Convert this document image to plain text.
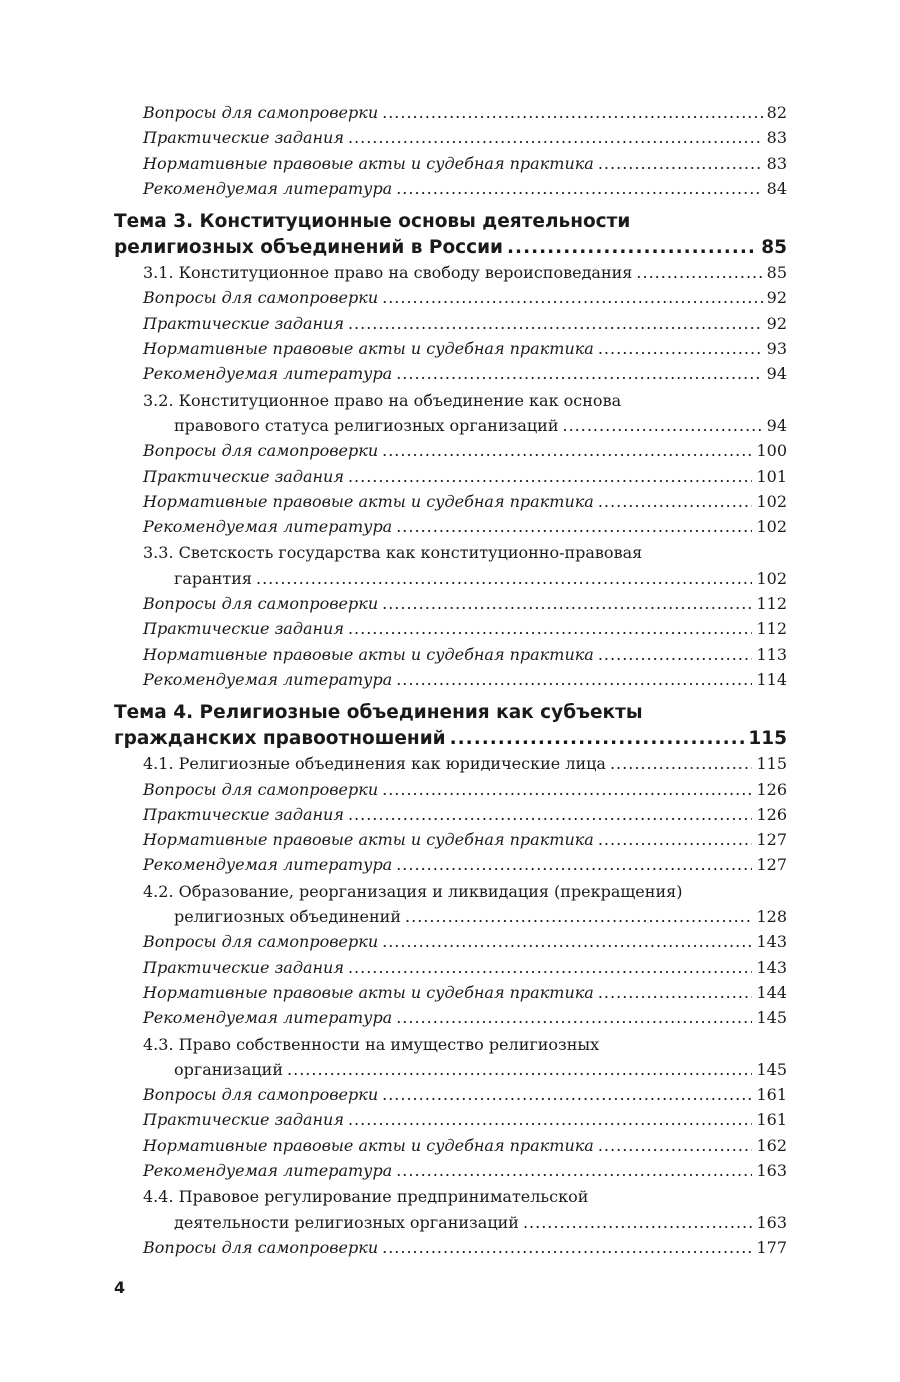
Вопросы для самопроверки .....	82
Практические задания .....	83
Нормативные правовые акты и судебная практика .....	83
Рекомендуемая литература .....	84
Тема 3. Конституционные основы деятельности
религиозных объединений в России .....	85
3.1. Конституционное право на свободу вероисповедания .....	85
Вопросы для самопроверки .....	92
Практические задания .....	92
Нормативные правовые акты и судебная практика .....	93
Рекомендуемая литература .....	94
3.2. Конституционное право на объединение как основа
правового статуса религиозных организаций .....	94
Вопросы для самопроверки .....	100
Практические задания .....	101
Нормативные правовые акты и судебная практика .....	102
Рекомендуемая литература .....	102
3.3. Светскость государства как конституционно-правовая
гарантия .....	102
Вопросы для самопроверки .....	112
Практические задания .....	112
Нормативные правовые акты и судебная практика .....	113
Рекомендуемая литература .....	114
Тема 4. Религиозные объединения как субъекты
гражданских правоотношений .....	115
4.1. Религиозные объединения как юридические лица .....	115
Вопросы для самопроверки .....	126
Практические задания .....	126
Нормативные правовые акты и судебная практика .....	127
Рекомендуемая литература .....	127
4.2. Образование, реорганизация и ликвидация (прекращения)
религиозных объединений .....	128
Вопросы для самопроверки .....	143
Практические задания .....	143
Нормативные правовые акты и судебная практика .....	144
Рекомендуемая литература .....	145
4.3. Право собственности на имущество религиозных
организаций .....	145
Вопросы для самопроверки .....	161
Практические задания .....	161
Нормативные правовые акты и судебная практика .....	162
Рекомендуемая литература .....	163
4.4. Правовое регулирование предпринимательской
деятельности религиозных организаций .....	163
Вопросы для самопроверки .....	177
4
